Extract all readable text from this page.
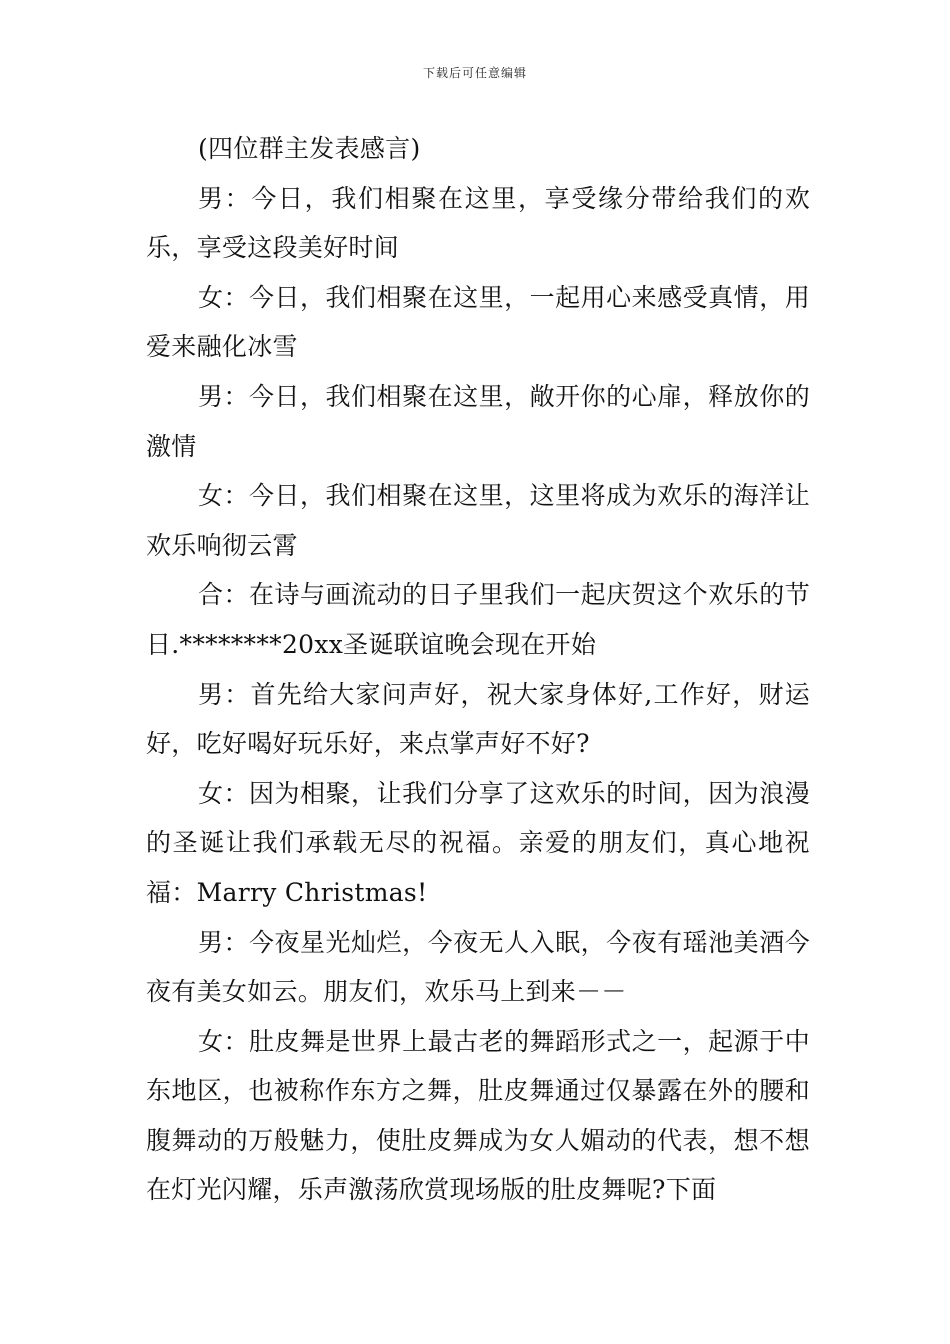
下载后可任意编辑

(四位群主发表感言)

男：今日，我们相聚在这里，享受缘分带给我们的欢乐，享受这段美好时间

女：今日，我们相聚在这里，一起用心来感受真情，用爱来融化冰雪

男：今日，我们相聚在这里，敞开你的心扉，释放你的激情

女：今日，我们相聚在这里，这里将成为欢乐的海洋让欢乐响彻云霄

合：在诗与画流动的日子里我们一起庆贺这个欢乐的节日.********20xx圣诞联谊晚会现在开始

男：首先给大家问声好，祝大家身体好,工作好，财运好，吃好喝好玩乐好，来点掌声好不好?

女：因为相聚，让我们分享了这欢乐的时间，因为浪漫的圣诞让我们承载无尽的祝福。亲爱的朋友们，真心地祝福：Marry Christmas!

男：今夜星光灿烂，今夜无人入眠，今夜有瑶池美酒今夜有美女如云。朋友们，欢乐马上到来－－

女：肚皮舞是世界上最古老的舞蹈形式之一，起源于中东地区，也被称作东方之舞，肚皮舞通过仅暴露在外的腰和腹舞动的万般魅力，使肚皮舞成为女人媚动的代表，想不想在灯光闪耀，乐声激荡欣赏现场版的肚皮舞呢?下面
